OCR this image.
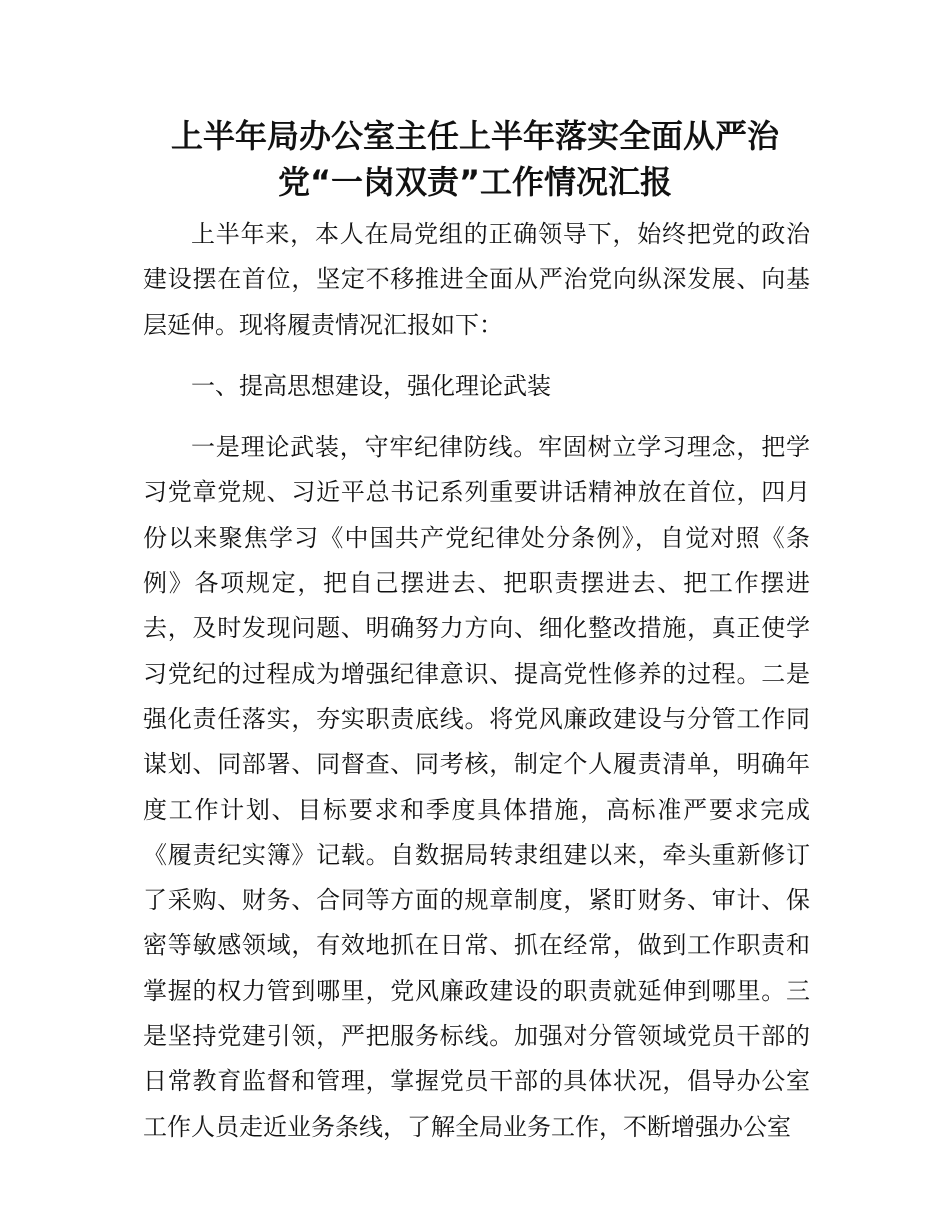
上半年局办公室主任上半年落实全面从严治
党“一岗双责”工作情况汇报

上半年来，本人在局党组的正确领导下，始终把党的政治建设摆在首位，坚定不移推进全面从严治党向纵深发展、向基层延伸。现将履责情况汇报如下：

一、提高思想建设，强化理论武装

一是理论武装，守牢纪律防线。牢固树立学习理念，把学习党章党规、习近平总书记系列重要讲话精神放在首位，四月份以来聚焦学习《中国共产党纪律处分条例》，自觉对照《条例》各项规定，把自己摆进去、把职责摆进去、把工作摆进去，及时发现问题、明确努力方向、细化整改措施，真正使学习党纪的过程成为增强纪律意识、提高党性修养的过程。二是强化责任落实，夯实职责底线。将党风廉政建设与分管工作同谋划、同部署、同督查、同考核，制定个人履责清单，明确年度工作计划、目标要求和季度具体措施，高标准严要求完成《履责纪实簿》记载。自数据局转隶组建以来，牵头重新修订了采购、财务、合同等方面的规章制度，紧盯财务、审计、保密等敏感领域，有效地抓在日常、抓在经常，做到工作职责和掌握的权力管到哪里，党风廉政建设的职责就延伸到哪里。三是坚持党建引领，严把服务标线。加强对分管领域党员干部的日常教育监督和管理，掌握党员干部的具体状况，倡导办公室工作人员走近业务条线，了解全局业务工作，不断增强办公室
